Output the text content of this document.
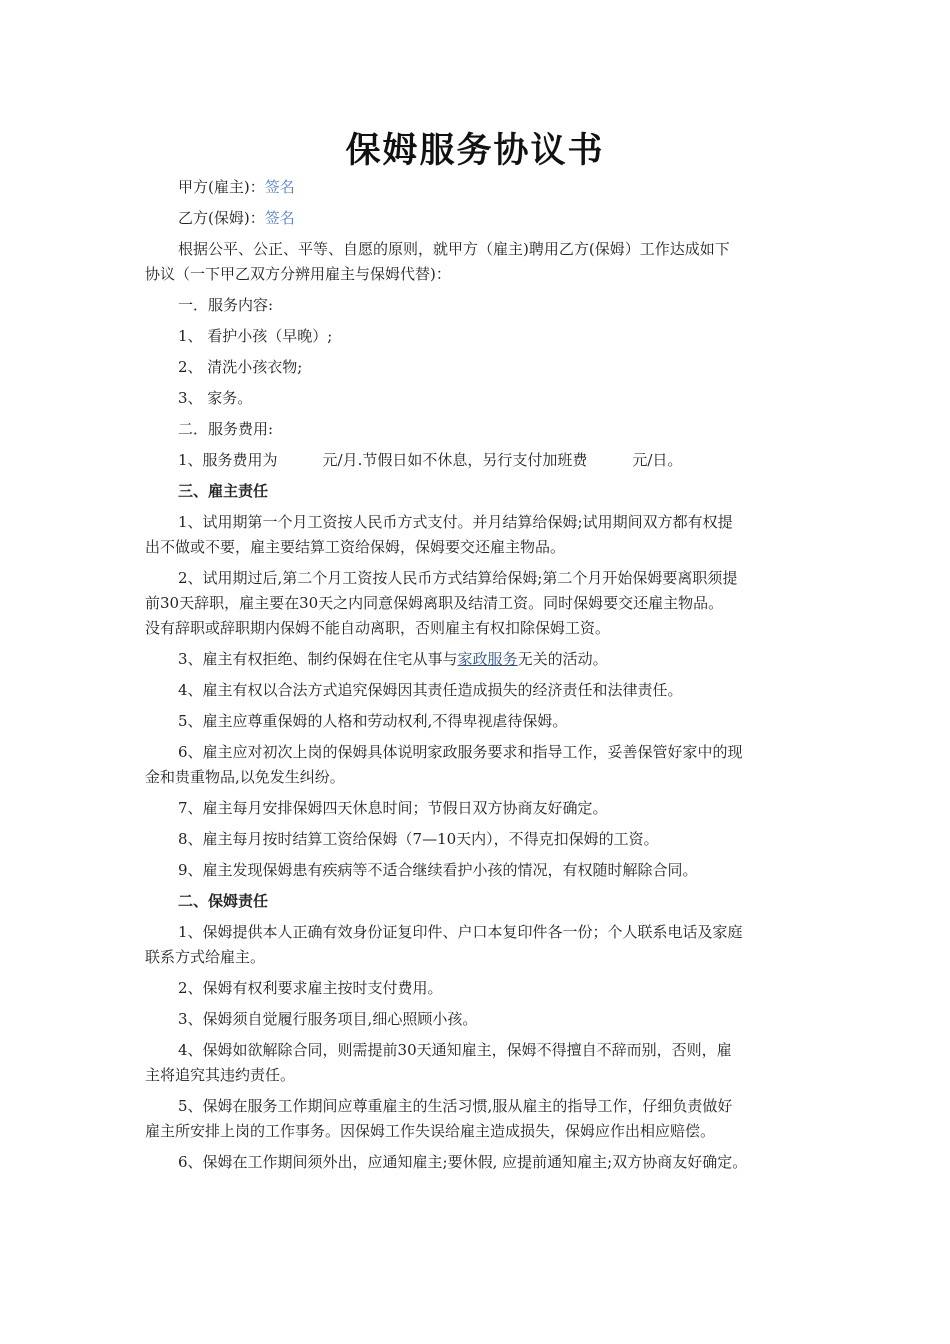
保姆服务协议书
甲方(雇主)：签名
乙方(保姆)：签名
根据公平、公正、平等、自愿的原则，就甲方（雇主)聘用乙方(保姆）工作达成如下
协议（一下甲乙双方分辨用雇主与保姆代替)：
一．服务内容:
1、 看护小孩（早晚）;
2、 清洗小孩衣物;
3、 家务。
二．服务费用:
1、服务费用为　　　元/月.节假日如不休息，另行支付加班费　　　元/日。
三、雇主责任
1、试用期第一个月工资按人民币方式支付。并月结算给保姆;试用期间双方都有权提
出不做或不要，雇主要结算工资给保姆，保姆要交还雇主物品。
2、试用期过后,第二个月工资按人民币方式结算给保姆;第二个月开始保姆要离职须提
前30天辞职，雇主要在30天之内同意保姆离职及结清工资。同时保姆要交还雇主物品。
没有辞职或辞职期内保姆不能自动离职，否则雇主有权扣除保姆工资。
3、雇主有权拒绝、制约保姆在住宅从事与家政服务无关的活动。
4、雇主有权以合法方式追究保姆因其责任造成损失的经济责任和法律责任。
5、雇主应尊重保姆的人格和劳动权利,不得卑视虐待保姆。
6、雇主应对初次上岗的保姆具体说明家政服务要求和指导工作，妥善保管好家中的现
金和贵重物品,以免发生纠纷。
7、雇主每月安排保姆四天休息时间；节假日双方协商友好确定。
8、雇主每月按时结算工资给保姆（7—10天内），不得克扣保姆的工资。
9、雇主发现保姆患有疾病等不适合继续看护小孩的情况，有权随时解除合同。
二、保姆责任
1、保姆提供本人正确有效身份证复印件、户口本复印件各一份；个人联系电话及家庭
联系方式给雇主。
2、保姆有权利要求雇主按时支付费用。
3、保姆须自觉履行服务项目,细心照顾小孩。
4、保姆如欲解除合同，则需提前30天通知雇主，保姆不得擅自不辞而别，否则，雇
主将追究其违约责任。
5、保姆在服务工作期间应尊重雇主的生活习惯,服从雇主的指导工作，仔细负责做好
雇主所安排上岗的工作事务。因保姆工作失误给雇主造成损失，保姆应作出相应赔偿。
6、保姆在工作期间须外出，应通知雇主;要休假, 应提前通知雇主;双方协商友好确定。
